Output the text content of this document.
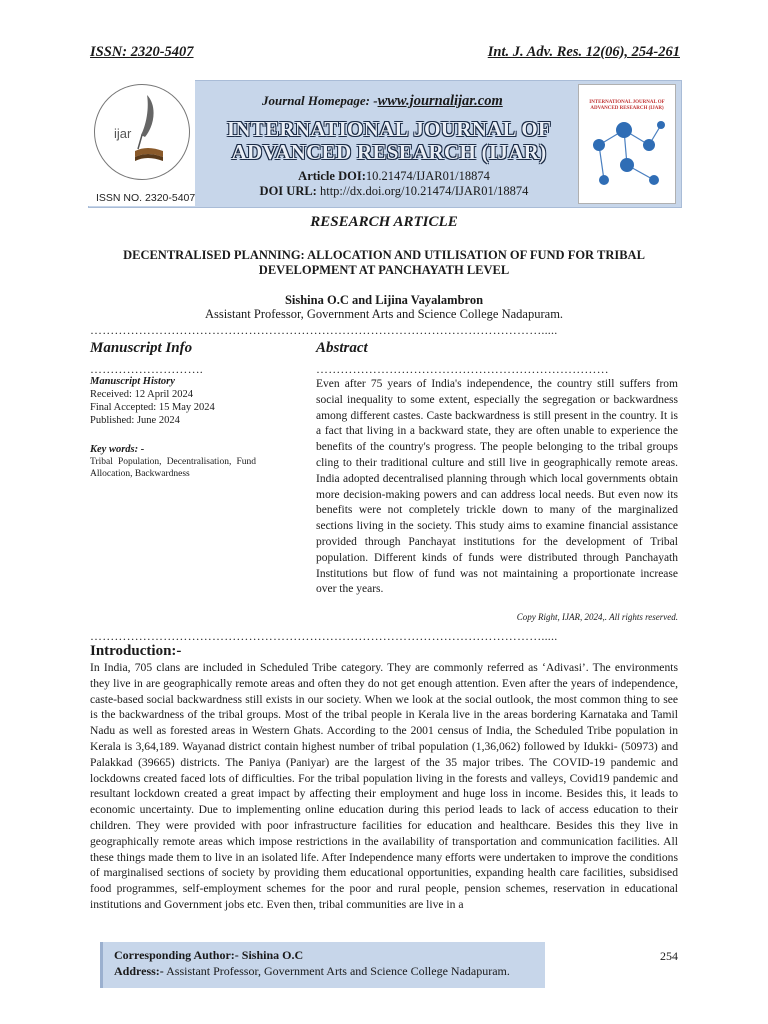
ISSN: 2320-5407	Int. J. Adv. Res. 12(06), 254-261
ijar
ISSN NO. 2320-5407
Journal Homepage: -www.journalijar.com
INTERNATIONAL JOURNAL OF
ADVANCED RESEARCH (IJAR)
Article DOI:10.21474/IJAR01/18874
DOI URL: http://dx.doi.org/10.21474/IJAR01/18874
INTERNATIONAL JOURNAL OF ADVANCED RESEARCH (IJAR)
RESEARCH ARTICLE
DECENTRALISED PLANNING: ALLOCATION AND UTILISATION OF FUND FOR TRIBAL
DEVELOPMENT AT PANCHAYATH LEVEL
Sishina O.C and Lijina Vayalambron
Assistant Professor, Government Arts and Science College Nadapuram.
………………………………………………………………………………………………….....
Manuscript Info
……………………….
Manuscript History
Received: 12 April 2024
Final Accepted: 15 May 2024
Published: June 2024
Key words: -
Tribal Population, Decentralisation, Fund Allocation, Backwardness
Abstract
………………………………………………………………
Even after 75 years of India's independence, the country still suffers from social inequality to some extent, especially the segregation or backwardness among different castes. Caste backwardness is still present in the country. It is a fact that living in a backward state, they are often unable to experience the benefits of the country's progress. The people belonging to the tribal groups cling to their traditional culture and still live in geographically remote areas. India adopted decentralised planning through which local governments obtain more decision-making powers and can address local needs. But even now its benefits were not completely trickle down to many of the marginalized sections living in the society. This study aims to examine financial assistance provided through Panchayat institutions for the development of Tribal population. Different kinds of funds were distributed through Panchayath Institutions but flow of fund was not maintaining a proportionate increase over the years.
Copy Right, IJAR, 2024,. All rights reserved.
………………………………………………………………………………………………….....
Introduction:-
In India, 705 clans are included in Scheduled Tribe category. They are commonly referred as ‘Adivasi’. The environments they live in are geographically remote areas and often they do not get enough attention. Even after the years of independence, caste-based social backwardness still exists in our society. When we look at the social outlook, the most common thing to see is the backwardness of the tribal groups. Most of the tribal people in Kerala live in the areas bordering Karnataka and Tamil Nadu as well as forested areas in Western Ghats. According to the 2001 census of India, the Scheduled Tribe population in Kerala is 3,64,189. Wayanad district contain highest number of tribal population (1,36,062) followed by Idukki- (50973) and Palakkad (39665) districts. The Paniya (Paniyar) are the largest of the 35 major tribes. The COVID-19 pandemic and lockdowns created faced lots of difficulties. For the tribal population living in the forests and valleys, Covid19 pandemic and resultant lockdown created a great impact by affecting their employment and huge loss in income. Besides this, it leads to economic uncertainty. Due to implementing online education during this period leads to lack of access education to their children. They were provided with poor infrastructure facilities for education and healthcare. Besides this they live in geographically remote areas which impose restrictions in the availability of transportation and communication facilities. All these things made them to live in an isolated life. After Independence many efforts were undertaken to improve the conditions of marginalised sections of society by providing them educational opportunities, expanding health care facilities, subsidised food programmes, self-employment schemes for the poor and rural people, pension schemes, reservation in educational institutions and Government jobs etc. Even then, tribal communities are live in a
Corresponding Author:- Sishina O.C
Address:- Assistant Professor, Government Arts and Science College Nadapuram.
254
